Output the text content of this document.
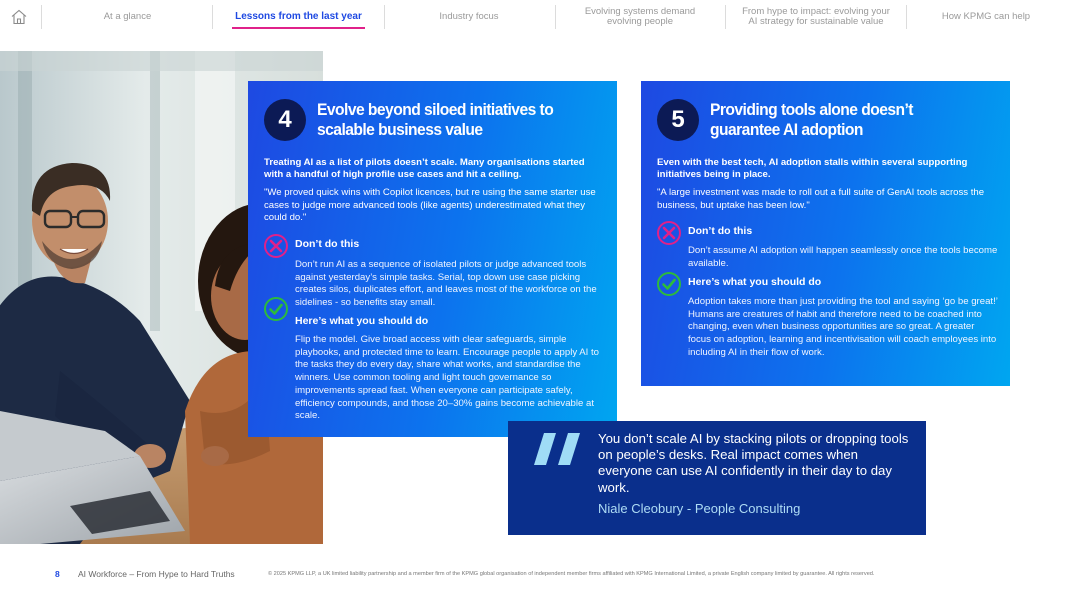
At a glance	Lessons from the last year	Industry focus	Evolving systems demand evolving people
From hype to impact: evolving your AI strategy for sustainable value	How KPMG can help
4	Evolve beyond siloed initiatives to scalable business value
Treating AI as a list of pilots doesn’t scale. Many organisations started with a handful of high profile use cases and hit a ceiling.
"We proved quick wins with Copilot licences, but re using the same starter use cases to judge more advanced tools (like agents) underestimated what they could do."
Don’t do this
Don’t run AI as a sequence of isolated pilots or judge advanced tools against yesterday’s simple tasks. Serial, top down use case picking creates silos, duplicates effort, and leaves most of the workforce on the sidelines - so benefits stay small.
Here’s what you should do
Flip the model. Give broad access with clear safeguards, simple playbooks, and protected time to learn. Encourage people to apply AI to the tasks they do every day, share what works, and standardise the winners. Use common tooling and light touch governance so improvements spread fast. When everyone can participate safely, efficiency compounds, and those 20–30% gains become achievable at scale.
5	Providing tools alone doesn’t guarantee AI adoption
Even with the best tech, AI adoption stalls within several supporting initiatives being in place.
"A large investment was made to roll out a full suite of GenAI tools across the business, but uptake has been low."
Don’t do this
Don’t assume AI adoption will happen seamlessly once the tools become available.
Here’s what you should do
Adoption takes more than just providing the tool and saying ‘go be great!’ Humans are creatures of habit and therefore need to be coached into changing, even when business opportunities are so great. A greater focus on adoption, learning and incentivisation will coach employees into including AI in their flow of work.
You don’t scale AI by stacking pilots or dropping tools on people’s desks. Real impact comes when everyone can use AI confidently in their day to day work.
Niale Cleobury - People Consulting
8 AI Workforce – From Hype to Hard Truths	© 2025 KPMG LLP, a UK limited liability partnership and a member firm of the KPMG global organisation of independent member firms affiliated with KPMG International Limited, a private English company limited by guarantee. All rights reserved.
